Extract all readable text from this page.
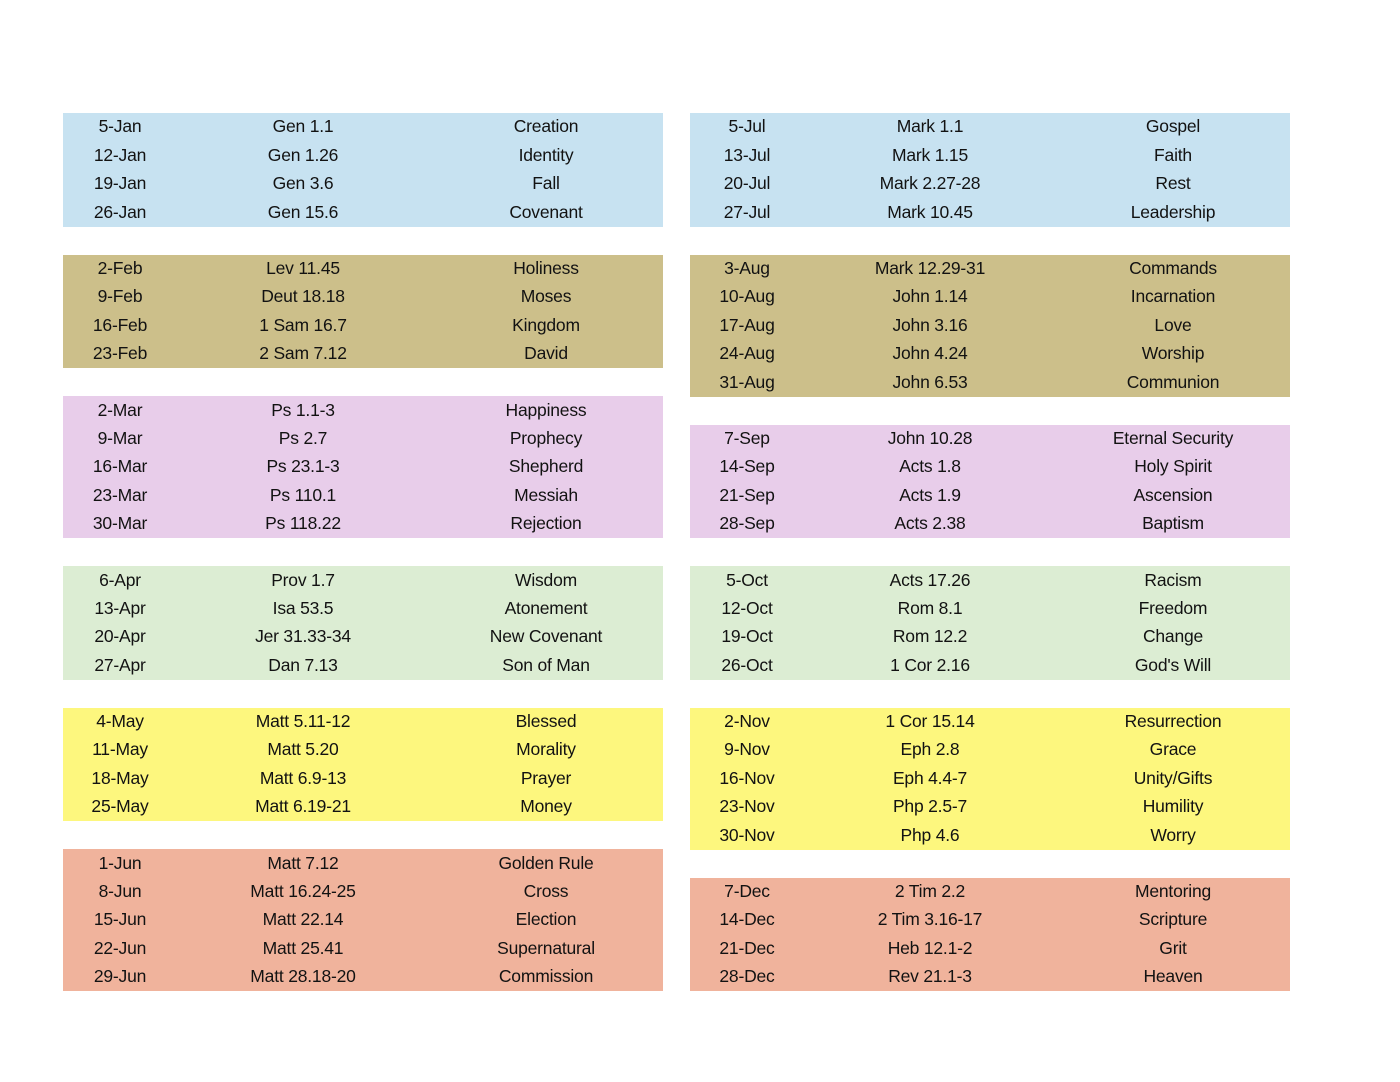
5-Jan	Gen 1.1	Creation
12-Jan	Gen 1.26	Identity
19-Jan	Gen 3.6	Fall
26-Jan	Gen 15.6	Covenant
2-Feb	Lev 11.45	Holiness
9-Feb	Deut 18.18	Moses
16-Feb	1 Sam 16.7	Kingdom
23-Feb	2 Sam 7.12	David
2-Mar	Ps 1.1-3	Happiness
9-Mar	Ps 2.7	Prophecy
16-Mar	Ps 23.1-3	Shepherd
23-Mar	Ps 110.1	Messiah
30-Mar	Ps 118.22	Rejection
6-Apr	Prov 1.7	Wisdom
13-Apr	Isa 53.5	Atonement
20-Apr	Jer 31.33-34	New Covenant
27-Apr	Dan 7.13	Son of Man
4-May	Matt 5.11-12	Blessed
11-May	Matt 5.20	Morality
18-May	Matt 6.9-13	Prayer
25-May	Matt 6.19-21	Money
1-Jun	Matt 7.12	Golden Rule
8-Jun	Matt 16.24-25	Cross
15-Jun	Matt 22.14	Election
22-Jun	Matt 25.41	Supernatural
29-Jun	Matt 28.18-20	Commission
5-Jul	Mark 1.1	Gospel
13-Jul	Mark 1.15	Faith
20-Jul	Mark 2.27-28	Rest
27-Jul	Mark 10.45	Leadership
3-Aug	Mark 12.29-31	Commands
10-Aug	John 1.14	Incarnation
17-Aug	John 3.16	Love
24-Aug	John 4.24	Worship
31-Aug	John 6.53	Communion
7-Sep	John 10.28	Eternal Security
14-Sep	Acts 1.8	Holy Spirit
21-Sep	Acts 1.9	Ascension
28-Sep	Acts 2.38	Baptism
5-Oct	Acts 17.26	Racism
12-Oct	Rom 8.1	Freedom
19-Oct	Rom 12.2	Change
26-Oct	1 Cor 2.16	God's Will
2-Nov	1 Cor 15.14	Resurrection
9-Nov	Eph 2.8	Grace
16-Nov	Eph 4.4-7	Unity/Gifts
23-Nov	Php 2.5-7	Humility
30-Nov	Php 4.6	Worry
7-Dec	2 Tim 2.2	Mentoring
14-Dec	2 Tim 3.16-17	Scripture
21-Dec	Heb 12.1-2	Grit
28-Dec	Rev 21.1-3	Heaven
